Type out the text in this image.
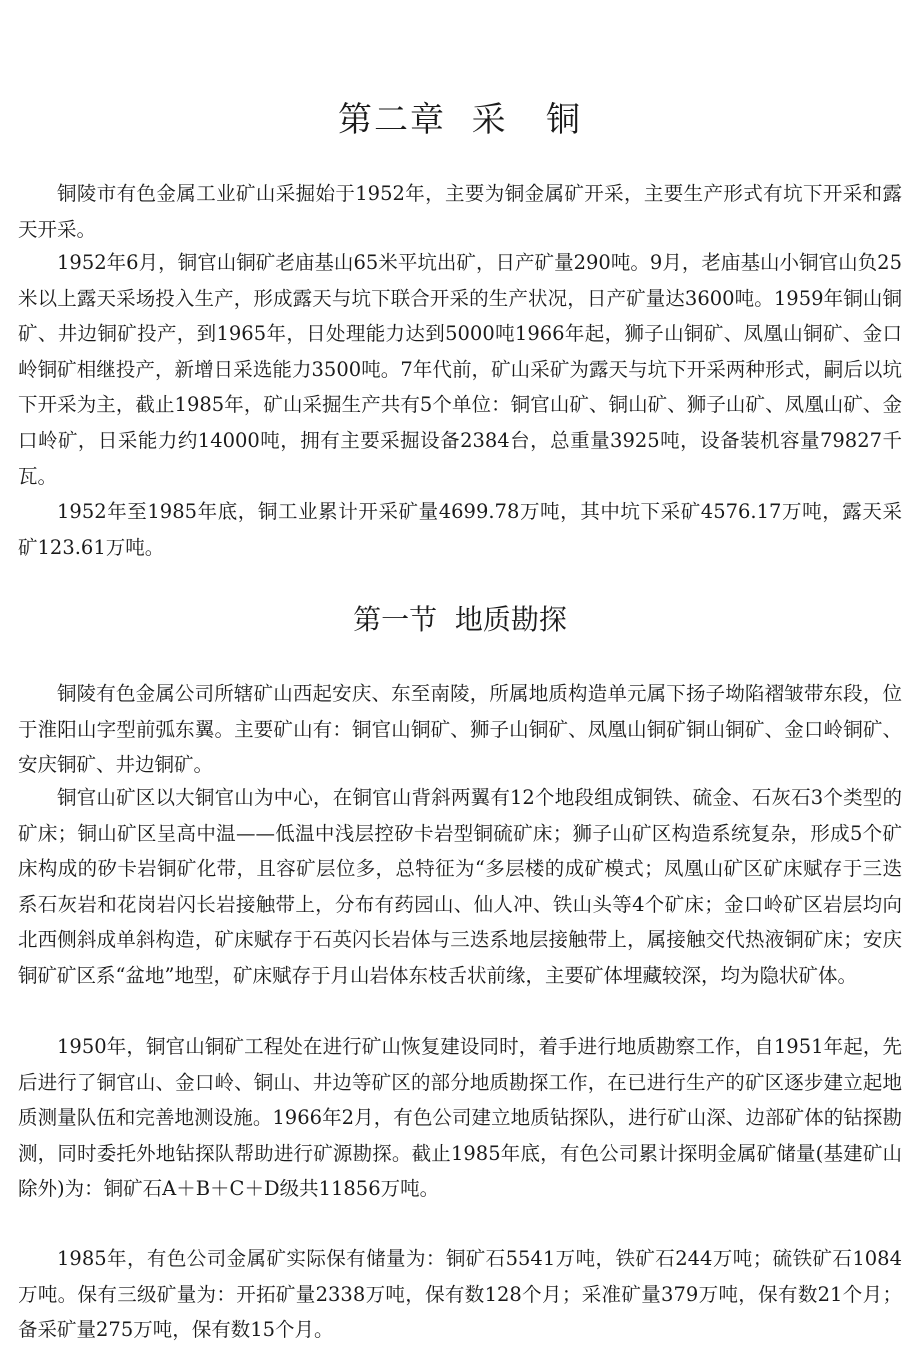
第二章  采   铜

铜陵市有色金属工业矿山采掘始于1952年，主要为铜金属矿开采，主要生产形式有坑下开采和露天开采。

1952年6月，铜官山铜矿老庙基山65米平坑出矿，日产矿量290吨。9月，老庙基山小铜官山负25米以上露天采场投入生产，形成露天与坑下联合开采的生产状况，日产矿量达3600吨。1959年铜山铜矿、井边铜矿投产，到1965年，日处理能力达到5000吨1966年起，狮子山铜矿、凤凰山铜矿、金口岭铜矿相继投产，新增日采选能力3500吨。7年代前，矿山采矿为露天与坑下开采两种形式，嗣后以坑下开采为主，截止1985年，矿山采掘生产共有5个单位：铜官山矿、铜山矿、狮子山矿、凤凰山矿、金口岭矿，日采能力约14000吨，拥有主要采掘设备2384台，总重量3925吨，设备装机容量79827千瓦。

1952年至1985年底，铜工业累计开采矿量4699.78万吨，其中坑下采矿4576.17万吨，露天采矿123.61万吨。

第一节  地质勘探

铜陵有色金属公司所辖矿山西起安庆、东至南陵，所属地质构造单元属下扬子坳陷褶皱带东段，位于淮阳山字型前弧东翼。主要矿山有：铜官山铜矿、狮子山铜矿、凤凰山铜矿铜山铜矿、金口岭铜矿、安庆铜矿、井边铜矿。

铜官山矿区以大铜官山为中心，在铜官山背斜两翼有12个地段组成铜铁、硫金、石灰石3个类型的矿床；铜山矿区呈高中温——低温中浅层控矽卡岩型铜硫矿床；狮子山矿区构造系统复杂，形成5个矿床构成的矽卡岩铜矿化带，且容矿层位多，总特征为“多层楼的成矿模式；凤凰山矿区矿床赋存于三迭系石灰岩和花岗岩闪长岩接触带上，分布有药园山、仙人冲、铁山头等4个矿床；金口岭矿区岩层均向北西侧斜成单斜构造，矿床赋存于石英闪长岩体与三迭系地层接触带上，属接触交代热液铜矿床；安庆铜矿矿区系“盆地”地型，矿床赋存于月山岩体东枝舌状前缘，主要矿体埋藏较深，均为隐状矿体。

1950年，铜官山铜矿工程处在进行矿山恢复建设同时，着手进行地质勘察工作，自1951年起，先后进行了铜官山、金口岭、铜山、井边等矿区的部分地质勘探工作，在已进行生产的矿区逐步建立起地质测量队伍和完善地测设施。1966年2月，有色公司建立地质钻探队，进行矿山深、边部矿体的钻探勘测，同时委托外地钻探队帮助进行矿源勘探。截止1985年底，有色公司累计探明金属矿储量(基建矿山除外)为：铜矿石A＋B＋C＋D级共11856万吨。

1985年，有色公司金属矿实际保有储量为：铜矿石5541万吨，铁矿石244万吨；硫铁矿石1084万吨。保有三级矿量为：开拓矿量2338万吨，保有数128个月；采准矿量379万吨，保有数21个月；备采矿量275万吨，保有数15个月。
